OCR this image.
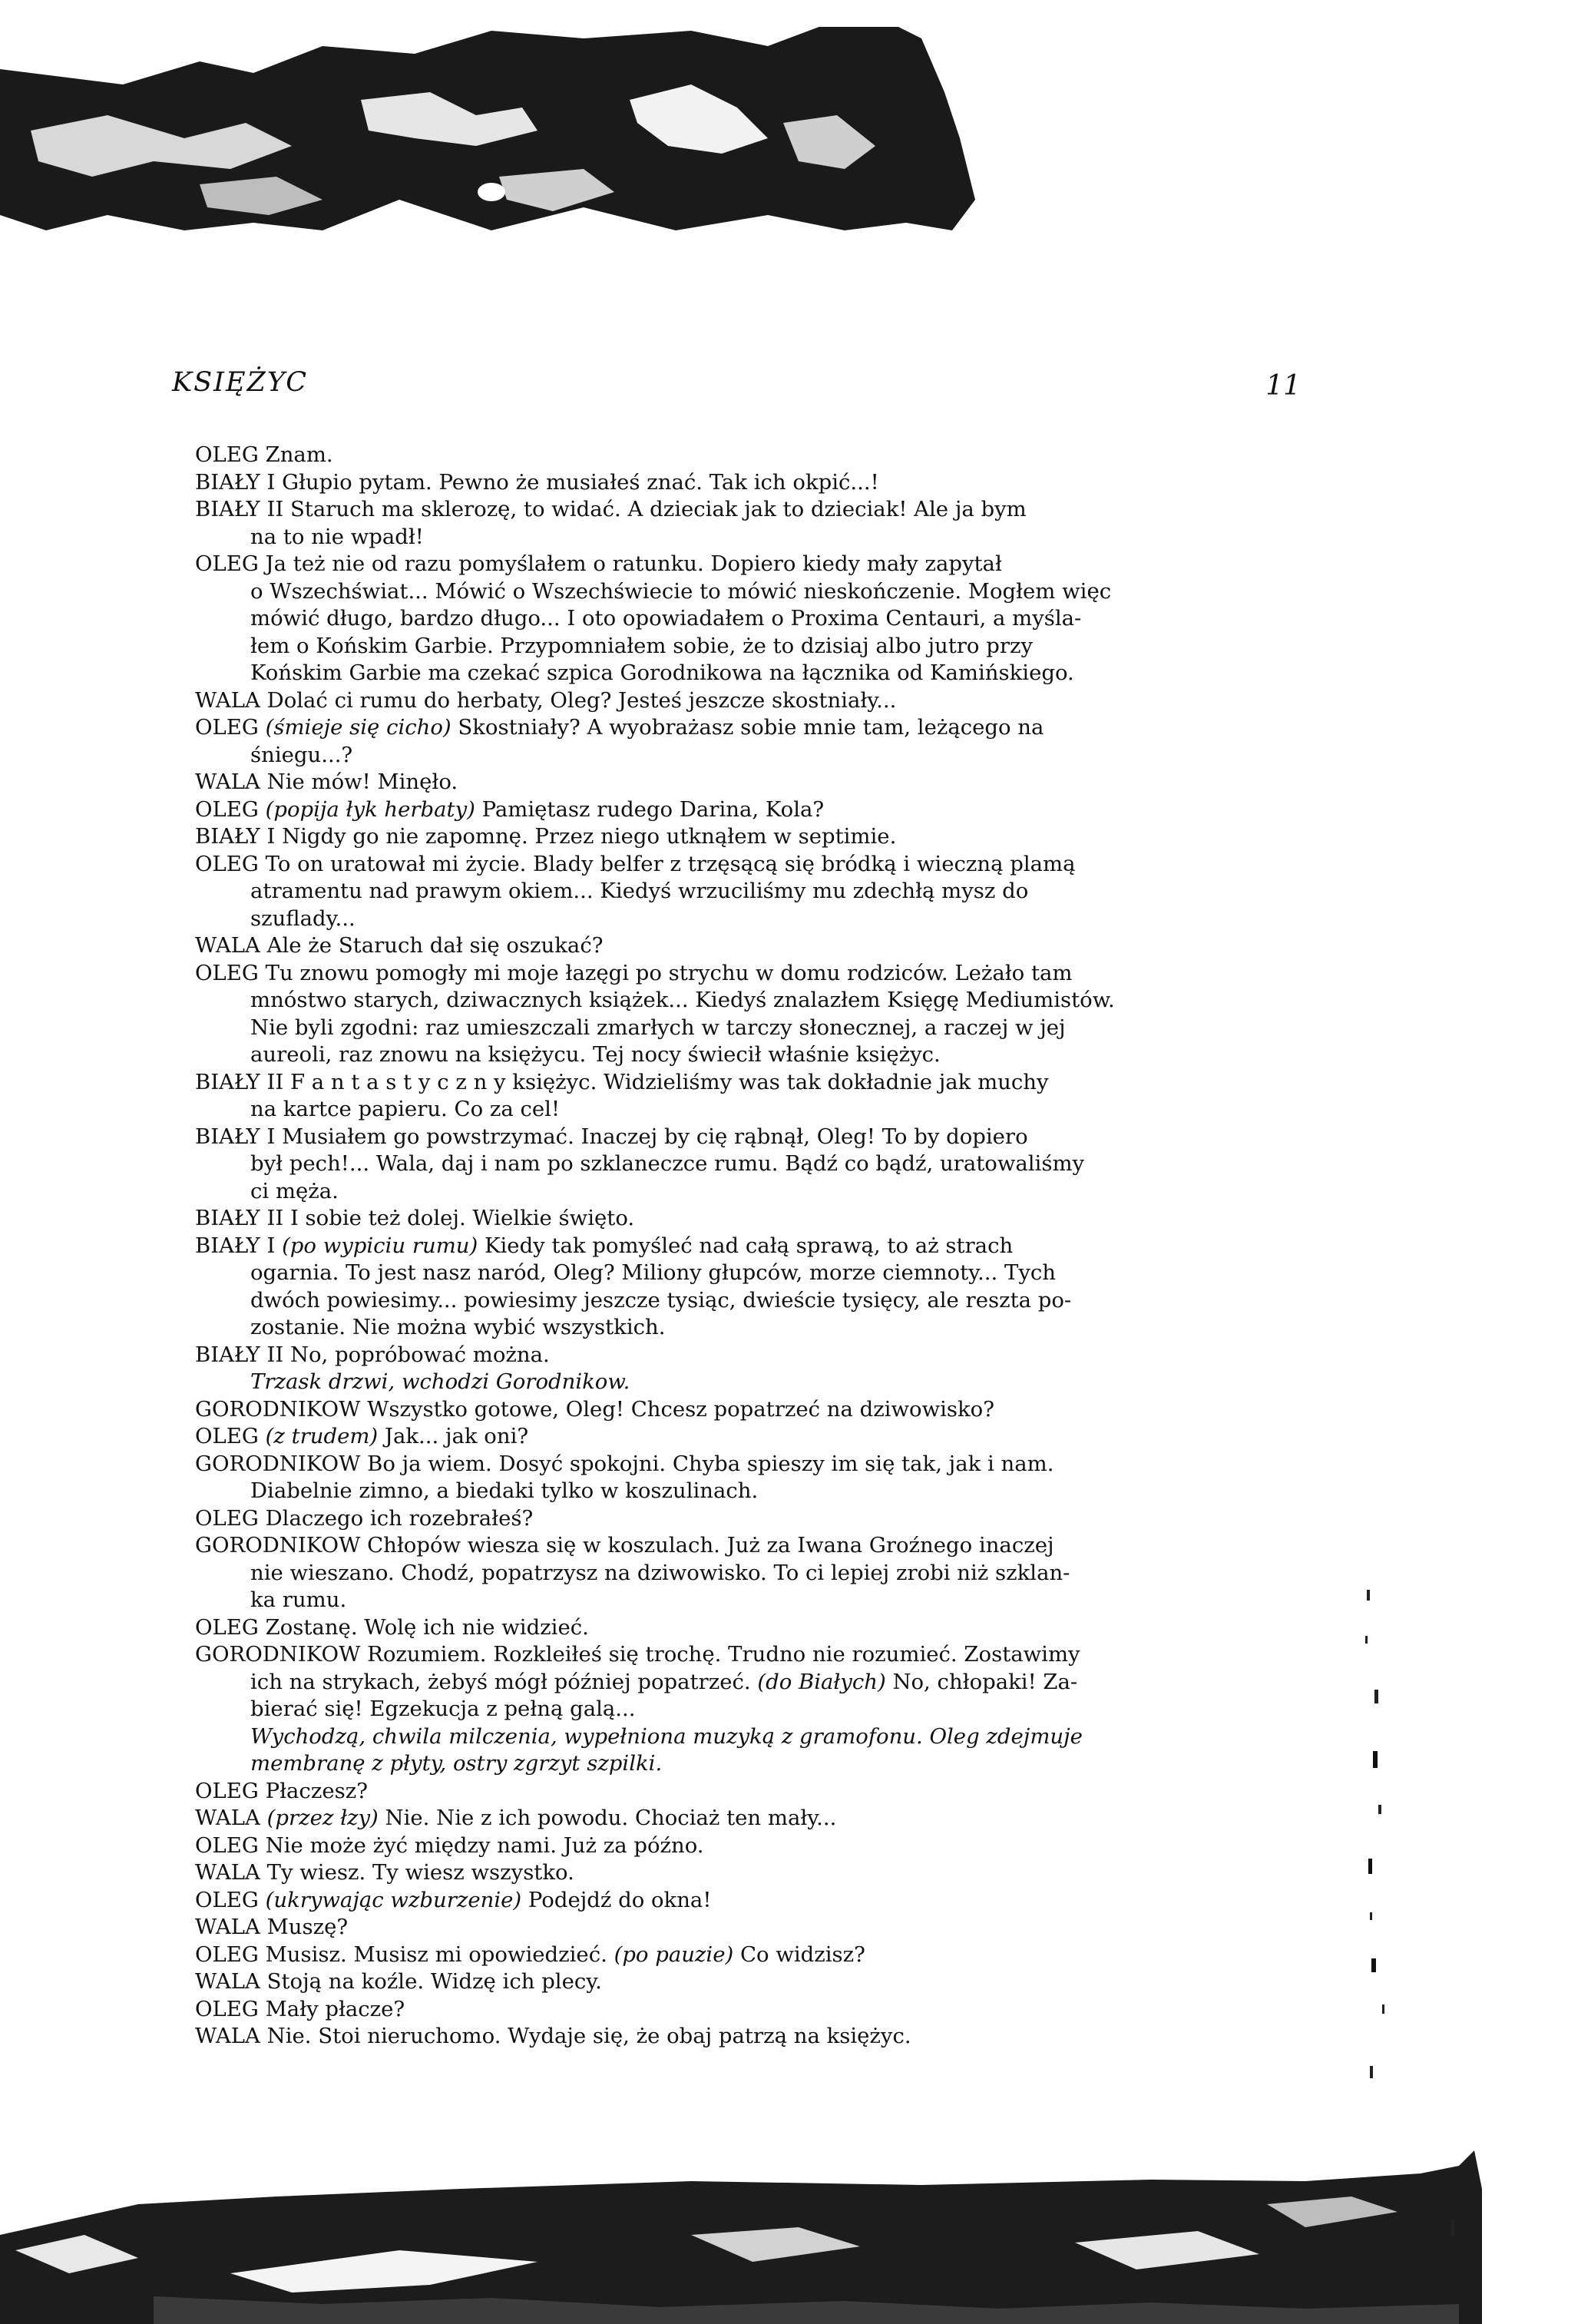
KSIĘŻYC	11
OLEG Znam.
BIAŁY I Głupio pytam. Pewno że musiałeś znać. Tak ich okpić...!
BIAŁY II Staruch ma sklerozę, to widać. A dzieciak jak to dzieciak! Ale ja bym
na to nie wpadł!
OLEG Ja też nie od razu pomyślałem o ratunku. Dopiero kiedy mały zapytał
o Wszechświat... Mówić o Wszechświecie to mówić nieskończenie. Mogłem więc
mówić długo, bardzo długo... I oto opowiadałem o Proxima Centauri, a myśla-
łem o Końskim Garbie. Przypomniałem sobie, że to dzisiaj albo jutro przy
Końskim Garbie ma czekać szpica Gorodnikowa na łącznika od Kamińskiego.
WALA Dolać ci rumu do herbaty, Oleg? Jesteś jeszcze skostniały...
OLEG (śmieje się cicho) Skostniały? A wyobrażasz sobie mnie tam, leżącego na
śniegu...?
WALA Nie mów! Minęło.
OLEG (popija łyk herbaty) Pamiętasz rudego Darina, Kola?
BIAŁY I Nigdy go nie zapomnę. Przez niego utknąłem w septimie.
OLEG To on uratował mi życie. Blady belfer z trzęsącą się bródką i wieczną plamą
atramentu nad prawym okiem... Kiedyś wrzuciliśmy mu zdechłą mysz do
szuflady...
WALA Ale że Staruch dał się oszukać?
OLEG Tu znowu pomogły mi moje łazęgi po strychu w domu rodziców. Leżało tam
mnóstwo starych, dziwacznych książek... Kiedyś znalazłem Księgę Mediumistów.
Nie byli zgodni: raz umieszczali zmarłych w tarczy słonecznej, a raczej w jej
aureoli, raz znowu na księżycu. Tej nocy świecił właśnie księżyc.
BIAŁY II F a n t a s t y c z n y księżyc. Widzieliśmy was tak dokładnie jak muchy
na kartce papieru. Co za cel!
BIAŁY I Musiałem go powstrzymać. Inaczej by cię rąbnął, Oleg! To by dopiero
był pech!... Wala, daj i nam po szklaneczce rumu. Bądź co bądź, uratowaliśmy
ci męża.
BIAŁY II I sobie też dolej. Wielkie święto.
BIAŁY I (po wypiciu rumu) Kiedy tak pomyśleć nad całą sprawą, to aż strach
ogarnia. To jest nasz naród, Oleg? Miliony głupców, morze ciemnoty... Tych
dwóch powiesimy... powiesimy jeszcze tysiąc, dwieście tysięcy, ale reszta po-
zostanie. Nie można wybić wszystkich.
BIAŁY II No, popróbować można.
Trzask drzwi, wchodzi Gorodnikow.
GORODNIKOW Wszystko gotowe, Oleg! Chcesz popatrzeć na dziwowisko?
OLEG (z trudem) Jak... jak oni?
GORODNIKOW Bo ja wiem. Dosyć spokojni. Chyba spieszy im się tak, jak i nam.
Diabelnie zimno, a biedaki tylko w koszulinach.
OLEG Dlaczego ich rozebrałeś?
GORODNIKOW Chłopów wiesza się w koszulach. Już za Iwana Groźnego inaczej
nie wieszano. Chodź, popatrzysz na dziwowisko. To ci lepiej zrobi niż szklan-
ka rumu.
OLEG Zostanę. Wolę ich nie widzieć.
GORODNIKOW Rozumiem. Rozkleiłeś się trochę. Trudno nie rozumieć. Zostawimy
ich na strykach, żebyś mógł później popatrzeć. (do Białych) No, chłopaki! Za-
bierać się! Egzekucja z pełną galą...
Wychodzą, chwila milczenia, wypełniona muzyką z gramofonu. Oleg zdejmuje
membranę z płyty, ostry zgrzyt szpilki.
OLEG Płaczesz?
WALA (przez łzy) Nie. Nie z ich powodu. Chociaż ten mały...
OLEG Nie może żyć między nami. Już za późno.
WALA Ty wiesz. Ty wiesz wszystko.
OLEG (ukrywając wzburzenie) Podejdź do okna!
WALA Muszę?
OLEG Musisz. Musisz mi opowiedzieć. (po pauzie) Co widzisz?
WALA Stoją na koźle. Widzę ich plecy.
OLEG Mały płacze?
WALA Nie. Stoi nieruchomo. Wydaje się, że obaj patrzą na księżyc.
